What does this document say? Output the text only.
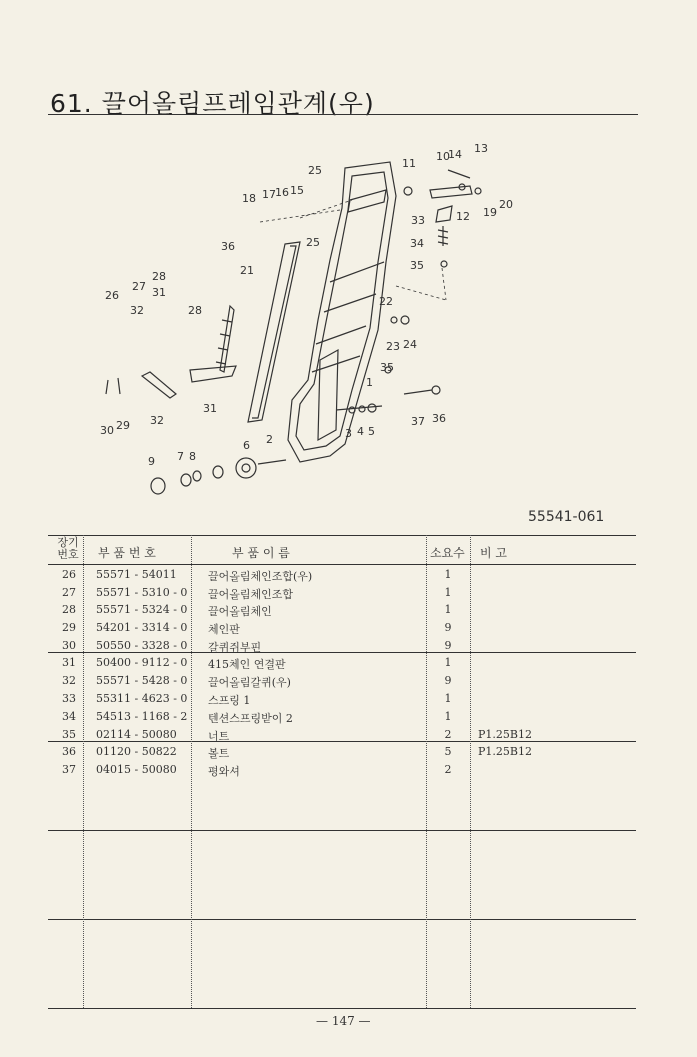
61. 끌어올림프레임관계(우)
13
11
10
14
25
18 17 16 15
12 19
20
33
36	25	34
35
21
27
28
31
26
32
22
28
23 24
35
1
30 29 32
31
37 36
3 4 5
7 8
6 2
9
55541-061
장기
번호 부 품 번 호	부 품 이 름	소요수 비 고
26 55571 - 54011	끌어올림체인조합(우)	1
27 55571 - 5310 - 0 끌어올림체인조합	1
28 55571 - 5324 - 0 끌어올림체인	1
29 54201 - 3314 - 0 체인판	9
30 50550 - 3328 - 0 갈퀴쥐부핀	9
31 50400 - 9112 - 0 415체인 연결판	1
32 55571 - 5428 - 0 끌어올림갈퀴(우)	9
33 55311 - 4623 - 0 스프링 1	1
34 54513 - 1168 - 2 텐션스프링받이 2	1
35 02114 - 50080	너트	2	P1.25B12
36 01120 - 50822	볼트	5	P1.25B12
37 04015 - 50080	평와셔	2
— 147 —
